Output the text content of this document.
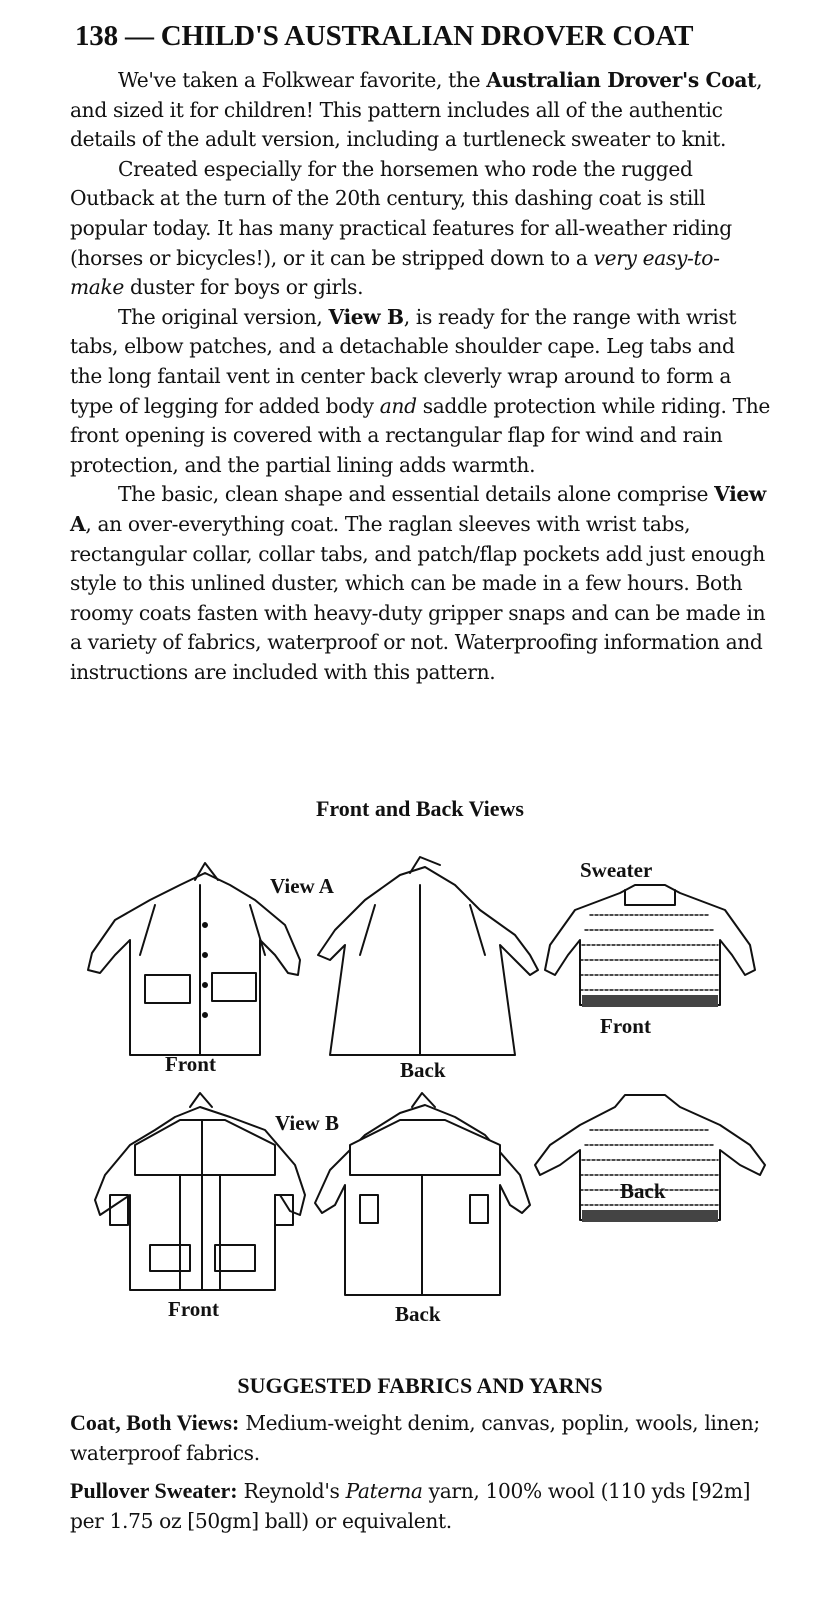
138 — CHILD'S AUSTRALIAN DROVER COAT

We've taken a Folkwear favorite, the Australian Drover's Coat, and sized it for children! This pattern includes all of the authentic details of the adult version, including a turtleneck sweater to knit.

Created especially for the horsemen who rode the rugged Outback at the turn of the 20th century, this dashing coat is still popular today. It has many practical features for all-weather riding (horses or bicycles!), or it can be stripped down to a very easy-to-make duster for boys or girls.

The original version, View B, is ready for the range with wrist tabs, elbow patches, and a detachable shoulder cape. Leg tabs and the long fantail vent in center back cleverly wrap around to form a type of legging for added body and saddle protection while riding. The front opening is covered with a rectangular flap for wind and rain protection, and the partial lining adds warmth.

The basic, clean shape and essential details alone comprise View A, an over-everything coat. The raglan sleeves with wrist tabs, rectangular collar, collar tabs, and patch/flap pockets add just enough style to this unlined duster, which can be made in a few hours. Both roomy coats fasten with heavy-duty gripper snaps and can be made in a variety of fabrics, waterproof or not. Waterproofing information and instructions are included with this pattern.

Front and Back Views
View A
Sweater
Front
Front	Back
View B
Back
Front	Back
SUGGESTED FABRICS AND YARNS

Coat, Both Views: Medium-weight denim, canvas, poplin, wools, linen; waterproof fabrics.

Pullover Sweater: Reynold's Paterna yarn, 100% wool (110 yds [92m] per 1.75 oz [50gm] ball) or equivalent.
